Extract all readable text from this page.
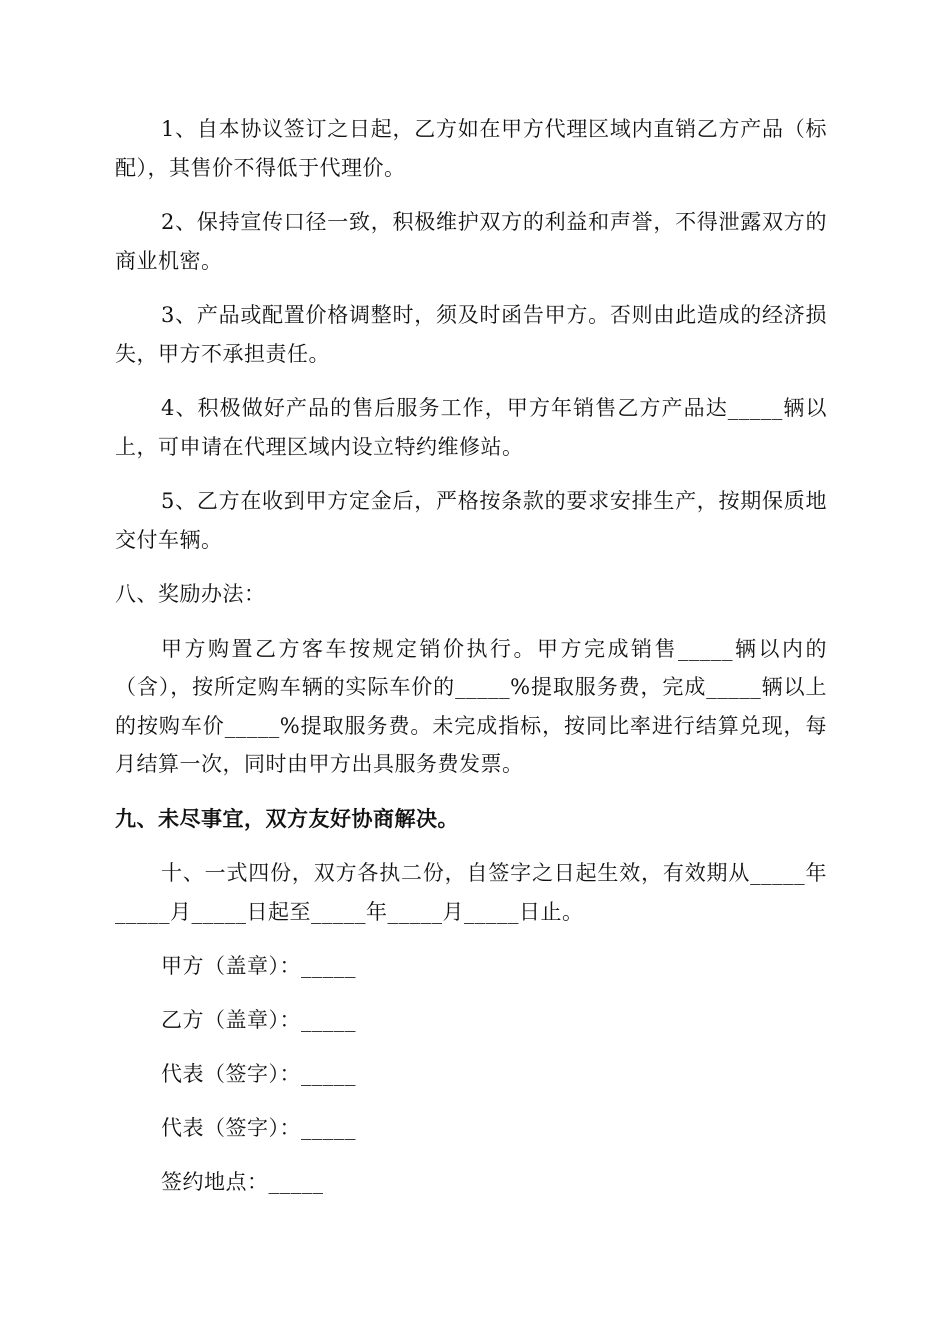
1、自本协议签订之日起，乙方如在甲方代理区域内直销乙方产品（标配），其售价不得低于代理价。

2、保持宣传口径一致，积极维护双方的利益和声誉，不得泄露双方的商业机密。

3、产品或配置价格调整时，须及时函告甲方。否则由此造成的经济损失，甲方不承担责任。

4、积极做好产品的售后服务工作，甲方年销售乙方产品达_____辆以上，可申请在代理区域内设立特约维修站。

5、乙方在收到甲方定金后，严格按条款的要求安排生产，按期保质地交付车辆。

八、奖励办法：

甲方购置乙方客车按规定销价执行。甲方完成销售_____辆以内的（含），按所定购车辆的实际车价的_____%提取服务费，完成_____辆以上的按购车价_____%提取服务费。未完成指标，按同比率进行结算兑现，每月结算一次，同时由甲方出具服务费发票。

九、未尽事宜，双方友好协商解决。

十、一式四份，双方各执二份，自签字之日起生效，有效期从_____年_____月_____日起至_____年_____月_____日止。

甲方（盖章）：_____

乙方（盖章）：_____

代表（签字）：_____

代表（签字）：_____

签约地点：_____
